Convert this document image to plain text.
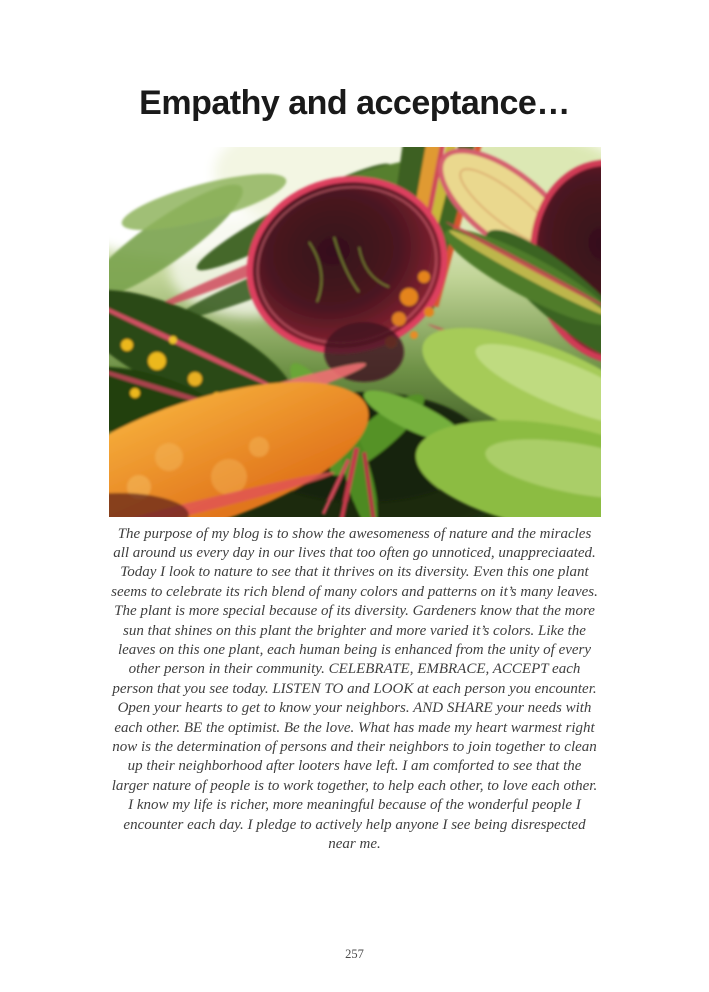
Empathy and acceptance…
The purpose of my blog is to show the awesomeness of nature and the miracles
all around us every day in our lives that too often go unnoticed, unappreciaated.
Today I look to nature to see that it thrives on its diversity. Even this one plant
seems to celebrate its rich blend of many colors and patterns on it’s many leaves.
The plant is more special because of its diversity. Gardeners know that the more
sun that shines on this plant the brighter and more varied it’s colors. Like the
leaves on this one plant, each human being is enhanced from the unity of every
other person in their community. CELEBRATE, EMBRACE, ACCEPT each
person that you see today. LISTEN TO and LOOK at each person you encounter.
Open your hearts to get to know your neighbors. AND SHARE your needs with
each other. BE the optimist. Be the love. What has made my heart warmest right
now is the determination of persons and their neighbors to join together to clean
up their neighborhood after looters have left. I am comforted to see that the
larger nature of people is to work together, to help each other, to love each other.
I know my life is richer, more meaningful because of the wonderful people I
encounter each day. I pledge to actively help anyone I see being disrespected
near me.
257
